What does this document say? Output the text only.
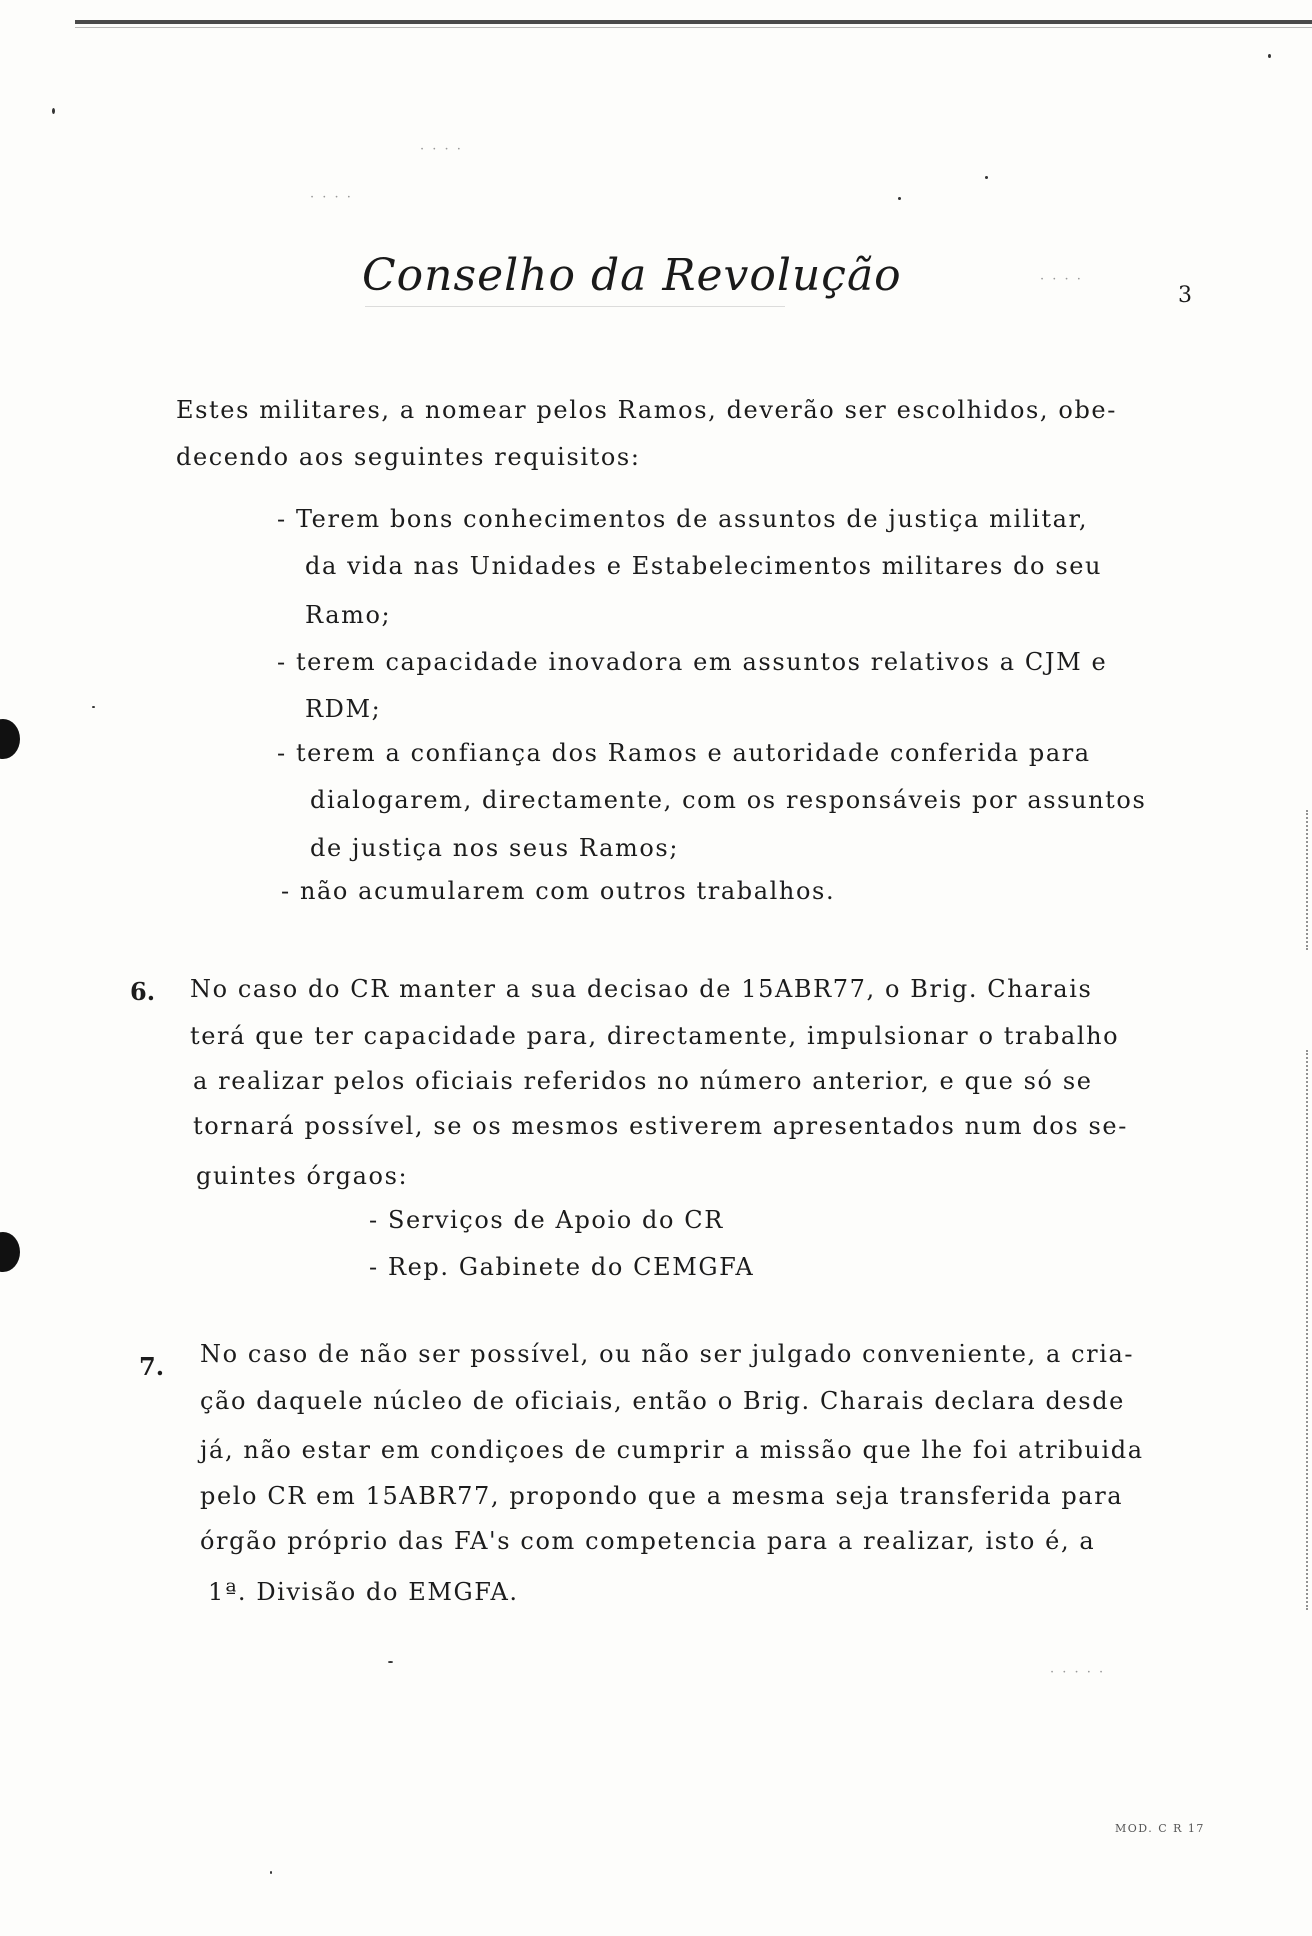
· · · ·
· · · ·
· · · ·
· · · · ·
Conselho da Revolução	3
Estes militares, a nomear pelos Ramos, deverão ser escolhidos, obe-
decendo aos seguintes requisitos:
- Terem bons conhecimentos de assuntos de justiça militar,
da vida nas Unidades e Estabelecimentos militares do seu
Ramo;
- terem capacidade inovadora em assuntos relativos a CJM e
RDM;
- terem a confiança dos Ramos e autoridade conferida para
dialogarem, directamente, com os responsáveis por assuntos
de justiça nos seus Ramos;
- não acumularem com outros trabalhos.
6. No caso do CR manter a sua decisao de 15ABR77, o Brig. Charais
terá que ter capacidade para, directamente, impulsionar o trabalho
a realizar pelos oficiais referidos no número anterior, e que só se
tornará possível, se os mesmos estiverem apresentados num dos se-
guintes órgaos:
- Serviços de Apoio do CR
- Rep. Gabinete do CEMGFA
7. No caso de não ser possível, ou não ser julgado conveniente, a cria-
ção daquele núcleo de oficiais, então o Brig. Charais declara desde
já, não estar em condiçoes de cumprir a missão que lhe foi atribuida
pelo CR em 15ABR77, propondo que a mesma seja transferida para
órgão próprio das FA's com competencia para a realizar, isto é, a
1ª. Divisão do EMGFA.
MOD. C R 17
